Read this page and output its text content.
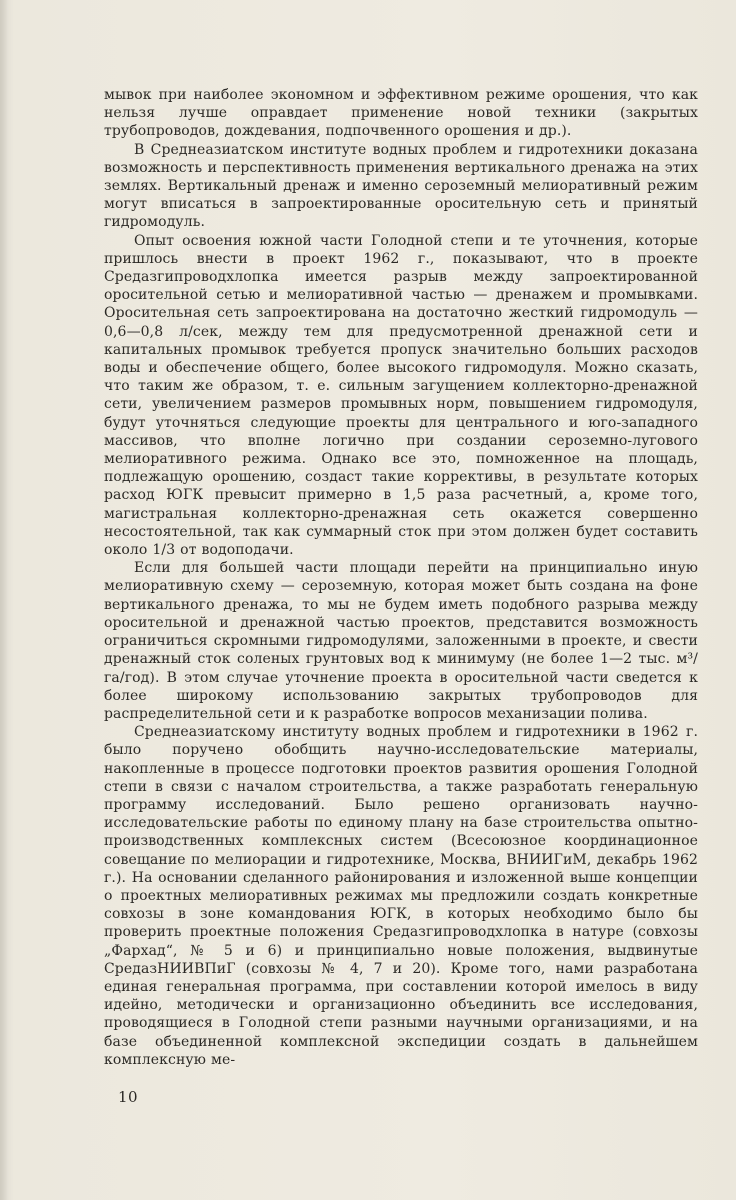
мывок при наиболее экономном и эффективном режиме орошения, что как нельзя лучше оправдает применение новой техники (закрытых трубопроводов, дождевания, подпочвенного орошения и др.).

В Среднеазиатском институте водных проблем и гидротехники доказана возможность и перспективность применения вертикального дренажа на этих землях. Вертикальный дренаж и именно сероземный мелиоративный режим могут вписаться в запроектированные оросительную сеть и принятый гидромодуль.

Опыт освоения южной части Голодной степи и те уточнения, которые пришлось внести в проект 1962 г., показывают, что в проекте Средазгипроводхлопка имеется разрыв между запроектированной оросительной сетью и мелиоративной частью — дренажем и промывками. Оросительная сеть запроектирована на достаточно жесткий гидромодуль — 0,6—0,8 л/сек, между тем для предусмотренной дренажной сети и капитальных промывок требуется пропуск значительно больших расходов воды и обеспечение общего, более высокого гидромодуля. Можно сказать, что таким же образом, т. е. сильным загущением коллекторно-дренажной сети, увеличением размеров промывных норм, повышением гидромодуля, будут уточняться следующие проекты для центрального и юго-западного массивов, что вполне логично при создании сероземно-лугового мелиоративного режима. Однако все это, помноженное на площадь, подлежащую орошению, создаст такие коррективы, в результате которых расход ЮГК превысит примерно в 1,5 раза расчетный, а, кроме того, магистральная коллекторно-дренажная сеть окажется совершенно несостоятельной, так как суммарный сток при этом должен будет составить около 1/3 от водоподачи.

Если для большей части площади перейти на принципиально иную мелиоративную схему — сероземную, которая может быть создана на фоне вертикального дренажа, то мы не будем иметь подобного разрыва между оросительной и дренажной частью проектов, представится возможность ограничиться скромными гидромодулями, заложенными в проекте, и свести дренажный сток соленых грунтовых вод к минимуму (не более 1—2 тыс. м³/га/год). В этом случае уточнение проекта в оросительной части сведется к более широкому использованию закрытых трубопроводов для распределительной сети и к разработке вопросов механизации полива.

Среднеазиатскому институту водных проблем и гидротехники в 1962 г. было поручено обобщить научно-исследовательские материалы, накопленные в процессе подготовки проектов развития орошения Голодной степи в связи с началом строительства, а также разработать генеральную программу исследований. Было решено организовать научно-исследовательские работы по единому плану на базе строительства опытно-производственных комплексных систем (Всесоюзное координационное совещание по мелиорации и гидротехнике, Москва, ВНИИГиМ, декабрь 1962 г.). На основании сделанного районирования и изложенной выше концепции о проектных мелиоративных режимах мы предложили создать конкретные совхозы в зоне командования ЮГК, в которых необходимо было бы проверить проектные положения Средазгипроводхлопка в натуре (совхозы „Фархад“, № 5 и 6) и принципиально новые положения, выдвинутые СредазНИИВПиГ (совхозы № 4, 7 и 20). Кроме того, нами разработана единая генеральная программа, при составлении которой имелось в виду идейно, методически и организационно объединить все исследования, проводящиеся в Голодной степи разными научными организациями, и на базе объединенной комплексной экспедиции создать в дальнейшем комплексную ме-

10
